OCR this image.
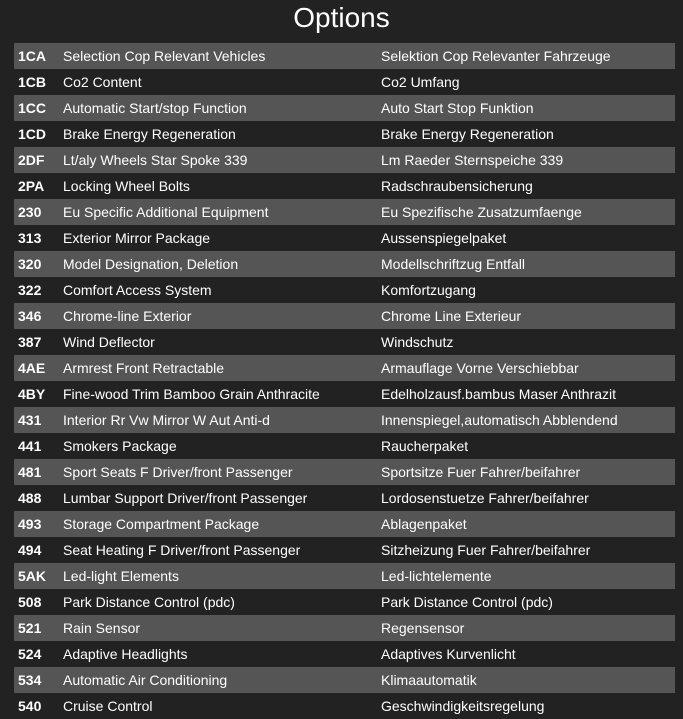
Options
1CA	Selection Cop Relevant Vehicles	Selektion Cop Relevanter Fahrzeuge
1CB	Co2 Content	Co2 Umfang
1CC	Automatic Start/stop Function	Auto Start Stop Funktion
1CD	Brake Energy Regeneration	Brake Energy Regeneration
2DF	Lt/aly Wheels Star Spoke 339	Lm Raeder Sternspeiche 339
2PA	Locking Wheel Bolts	Radschraubensicherung
230	Eu Specific Additional Equipment	Eu Spezifische Zusatzumfaenge
313	Exterior Mirror Package	Aussenspiegelpaket
320	Model Designation, Deletion	Modellschriftzug Entfall
322	Comfort Access System	Komfortzugang
346	Chrome-line Exterior	Chrome Line Exterieur
387	Wind Deflector	Windschutz
4AE	Armrest Front Retractable	Armauflage Vorne Verschiebbar
4BY	Fine-wood Trim Bamboo Grain Anthracite	Edelholzausf.bambus Maser Anthrazit
431	Interior Rr Vw Mirror W Aut Anti-d	Innenspiegel,automatisch Abblendend
441	Smokers Package	Raucherpaket
481	Sport Seats F Driver/front Passenger	Sportsitze Fuer Fahrer/beifahrer
488	Lumbar Support Driver/front Passenger	Lordosenstuetze Fahrer/beifahrer
493	Storage Compartment Package	Ablagenpaket
494	Seat Heating F Driver/front Passenger	Sitzheizung Fuer Fahrer/beifahrer
5AK	Led-light Elements	Led-lichtelemente
508	Park Distance Control (pdc)	Park Distance Control (pdc)
521	Rain Sensor	Regensensor
524	Adaptive Headlights	Adaptives Kurvenlicht
534	Automatic Air Conditioning	Klimaautomatik
540	Cruise Control	Geschwindigkeitsregelung
